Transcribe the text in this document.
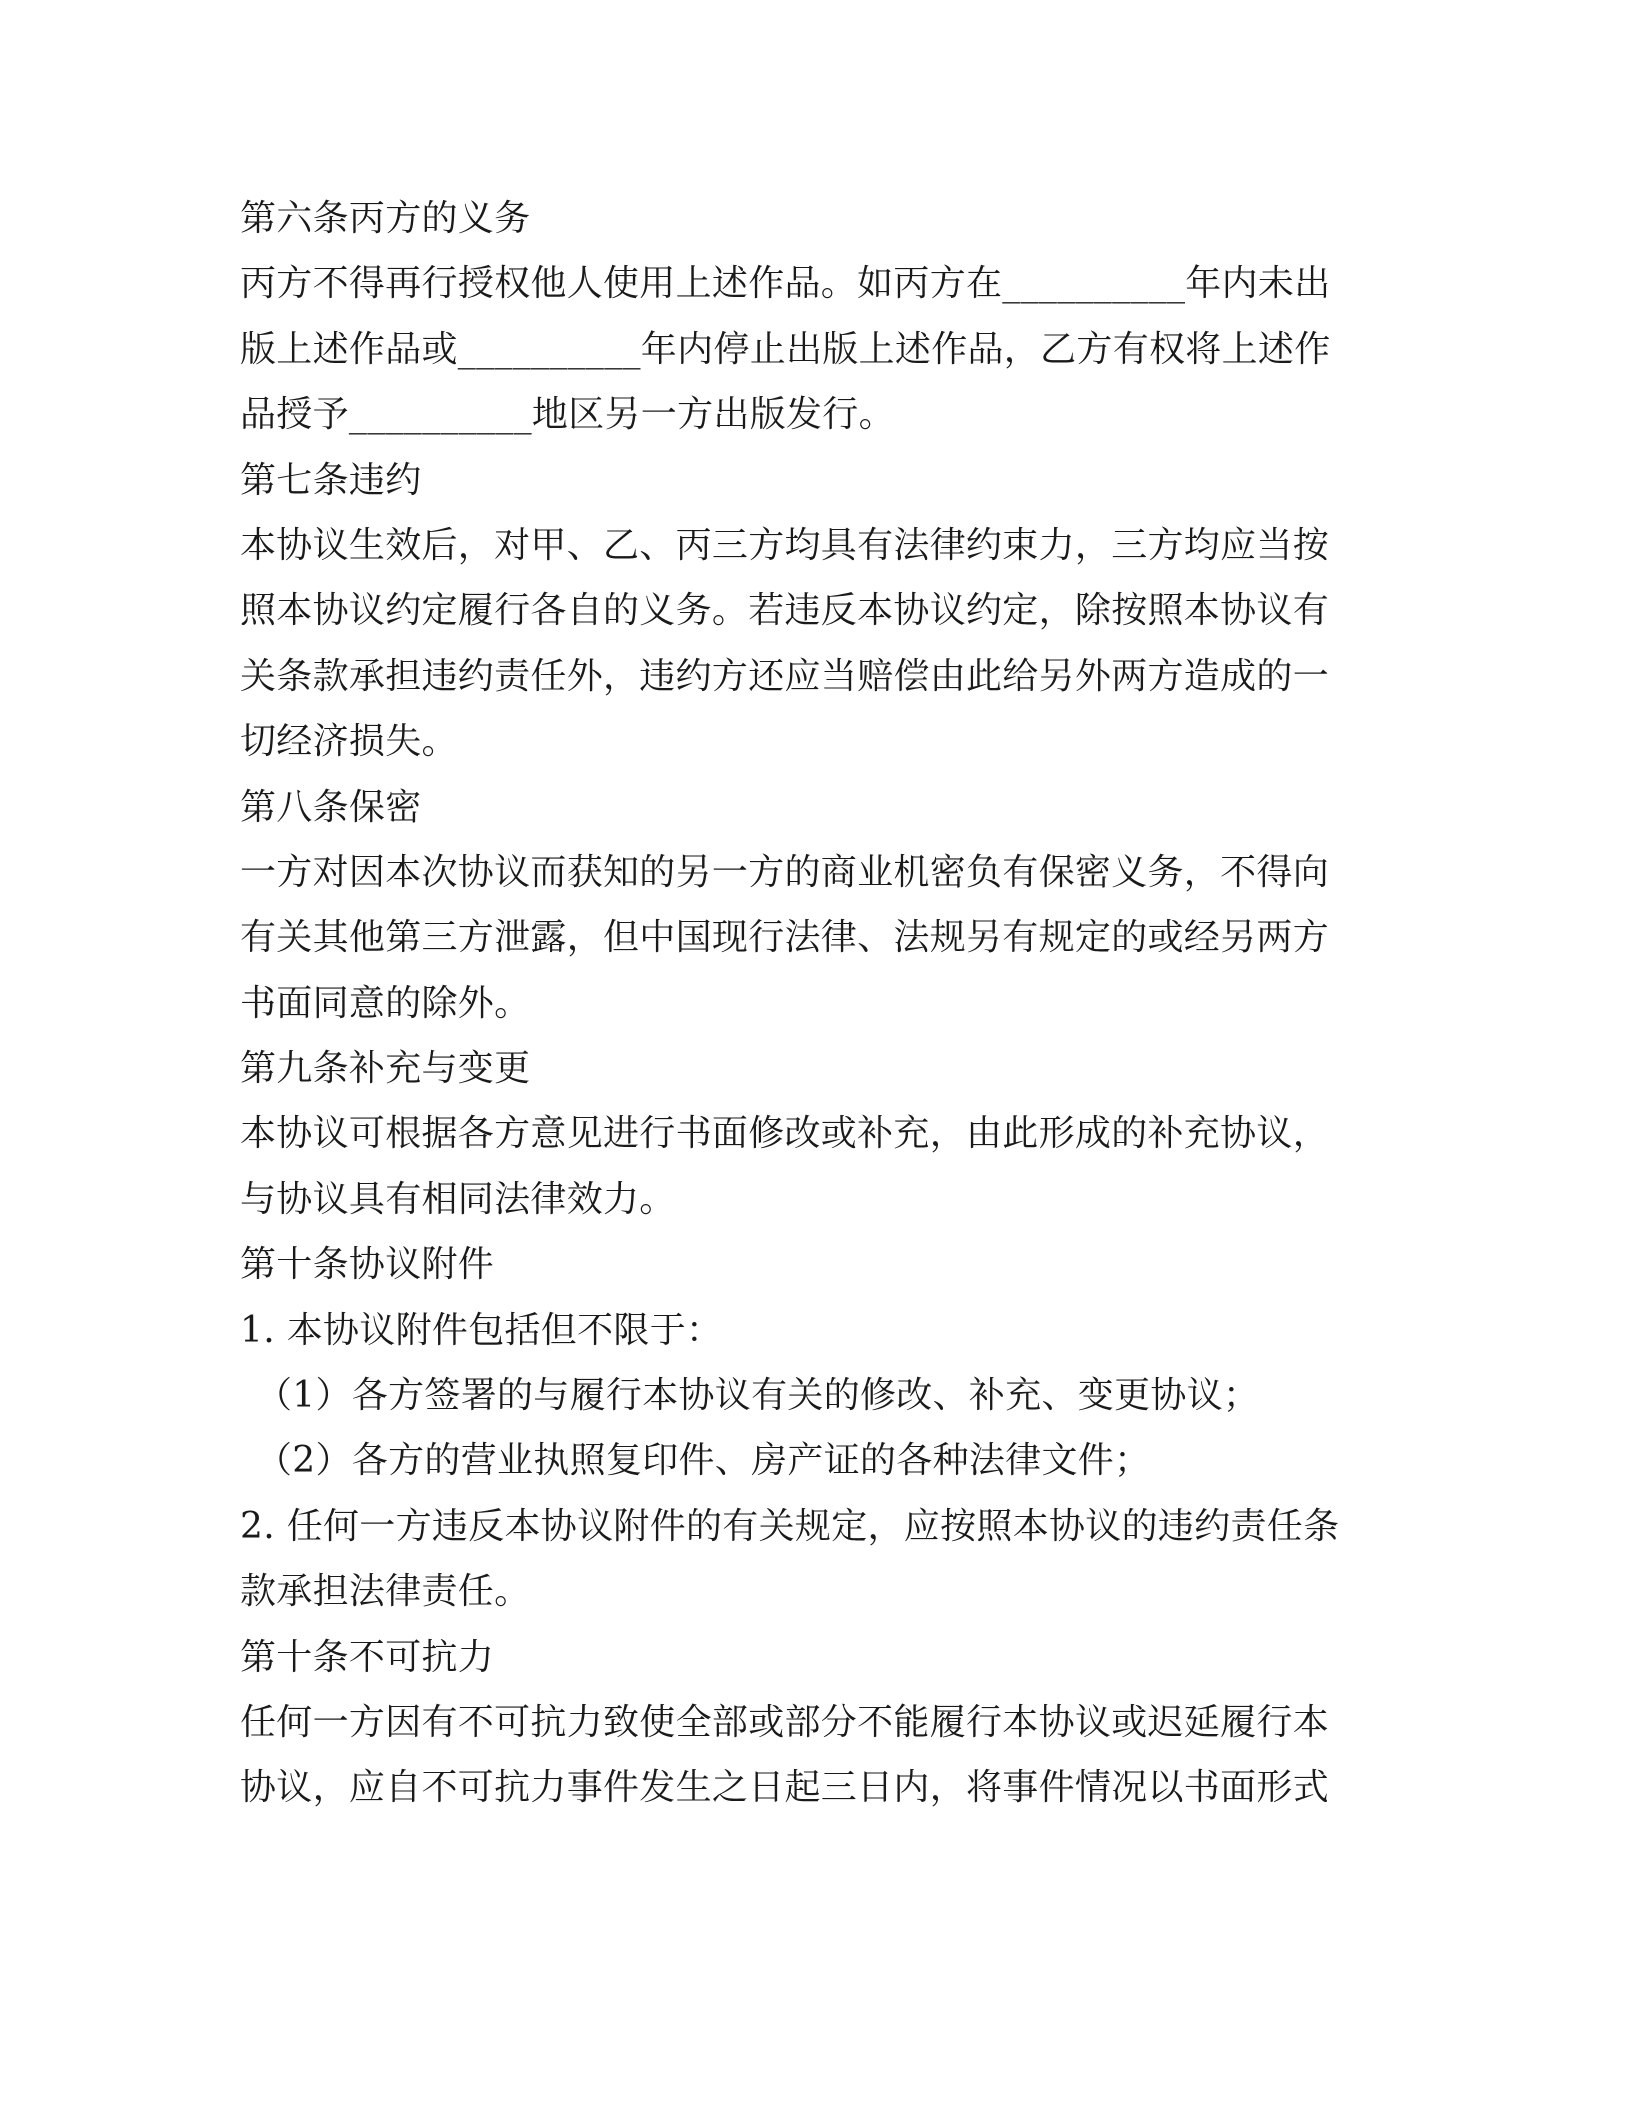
第六条丙方的义务
丙方不得再行授权他人使用上述作品。如丙方在__________年内未出
版上述作品或__________年内停止出版上述作品，乙方有权将上述作
品授予__________地区另一方出版发行。
第七条违约
本协议生效后，对甲、乙、丙三方均具有法律约束力，三方均应当按
照本协议约定履行各自的义务。若违反本协议约定，除按照本协议有
关条款承担违约责任外，违约方还应当赔偿由此给另外两方造成的一
切经济损失。
第八条保密
一方对因本次协议而获知的另一方的商业机密负有保密义务，不得向
有关其他第三方泄露，但中国现行法律、法规另有规定的或经另两方
书面同意的除外。
第九条补充与变更
本协议可根据各方意见进行书面修改或补充，由此形成的补充协议，
与协议具有相同法律效力。
第十条协议附件
1. 本协议附件包括但不限于：
（1）各方签署的与履行本协议有关的修改、补充、变更协议；
（2）各方的营业执照复印件、房产证的各种法律文件；
2. 任何一方违反本协议附件的有关规定，应按照本协议的违约责任条
款承担法律责任。
第十条不可抗力
任何一方因有不可抗力致使全部或部分不能履行本协议或迟延履行本
协议，应自不可抗力事件发生之日起三日内，将事件情况以书面形式
